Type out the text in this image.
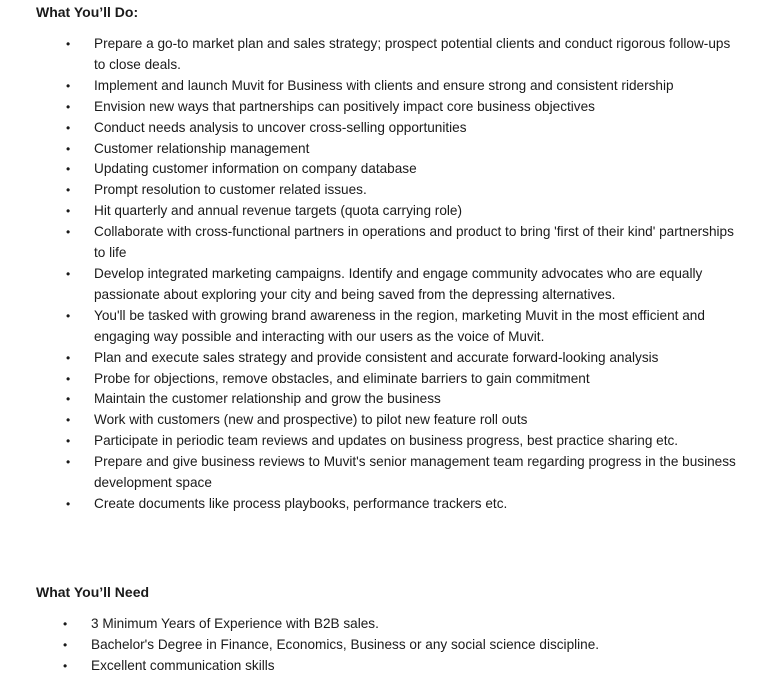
What You’ll Do:
• Prepare a go-to market plan and sales strategy; prospect potential clients and conduct rigorous follow-ups to close deals.
• Implement and launch Muvit for Business with clients and ensure strong and consistent ridership
• Envision new ways that partnerships can positively impact core business objectives
• Conduct needs analysis to uncover cross-selling opportunities
• Customer relationship management
• Updating customer information on company database
• Prompt resolution to customer related issues.
• Hit quarterly and annual revenue targets (quota carrying role)
• Collaborate with cross-functional partners in operations and product to bring 'first of their kind' partnerships to life
• Develop integrated marketing campaigns. Identify and engage community advocates who are equally passionate about exploring your city and being saved from the depressing alternatives.
• You'll be tasked with growing brand awareness in the region, marketing Muvit in the most efficient and engaging way possible and interacting with our users as the voice of Muvit.
• Plan and execute sales strategy and provide consistent and accurate forward-looking analysis
• Probe for objections, remove obstacles, and eliminate barriers to gain commitment
• Maintain the customer relationship and grow the business
• Work with customers (new and prospective) to pilot new feature roll outs
• Participate in periodic team reviews and updates on business progress, best practice sharing etc.
• Prepare and give business reviews to Muvit's senior management team regarding progress in the business development space
• Create documents like process playbooks, performance trackers etc.
What You’ll Need
• 3 Minimum Years of Experience with B2B sales.
• Bachelor's Degree in Finance, Economics, Business or any social science discipline.
• Excellent communication skills
